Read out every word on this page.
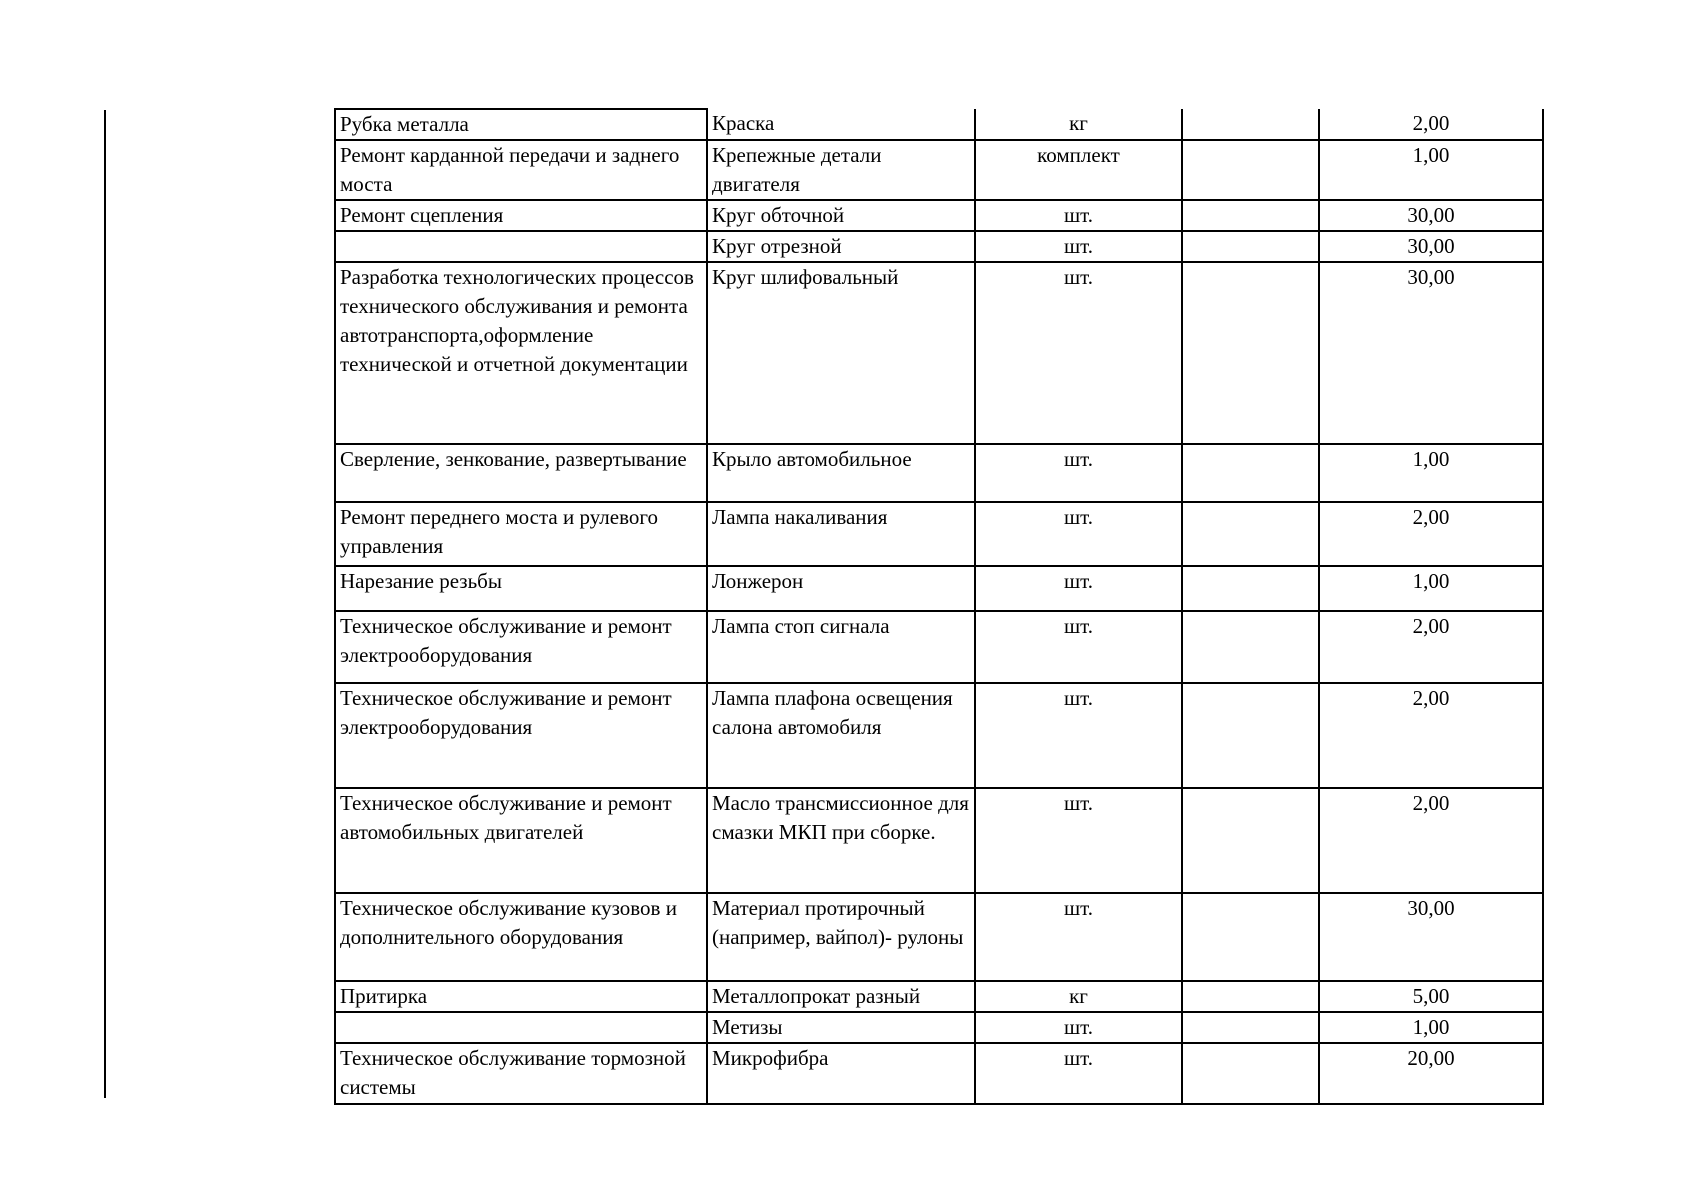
Рубка металла	Краска	кг		2,00
Ремонт карданной передачи и заднего моста	Крепежные детали двигателя	комплект		1,00
Ремонт сцепления	Круг обточной	шт.		30,00
	Круг отрезной	шт.		30,00
Разработка технологических процессов технического обслуживания и ремонта автотранспорта,оформление технической и отчетной документации	Круг шлифовальный	шт.		30,00
Сверление, зенкование, развертывание	Крыло автомобильное	шт.		1,00
Ремонт переднего моста и рулевого управления	Лампа накаливания	шт.		2,00
Нарезание резьбы	Лонжерон	шт.		1,00
Техническое обслуживание и ремонт электрооборудования	Лампа стоп сигнала	шт.		2,00
Техническое обслуживание и ремонт электрооборудования	Лампа плафона освещения салона автомобиля	шт.		2,00
Техническое обслуживание и ремонт автомобильных двигателей	Масло трансмиссионное для смазки МКП при сборке.	шт.		2,00
Техническое обслуживание кузовов и дополнительного оборудования	Материал протирочный (например, вайпол)- рулоны	шт.		30,00
Притирка	Металлопрокат разный	кг		5,00
	Метизы	шт.		1,00
Техническое обслуживание тормозной системы	Микрофибра	шт.		20,00
